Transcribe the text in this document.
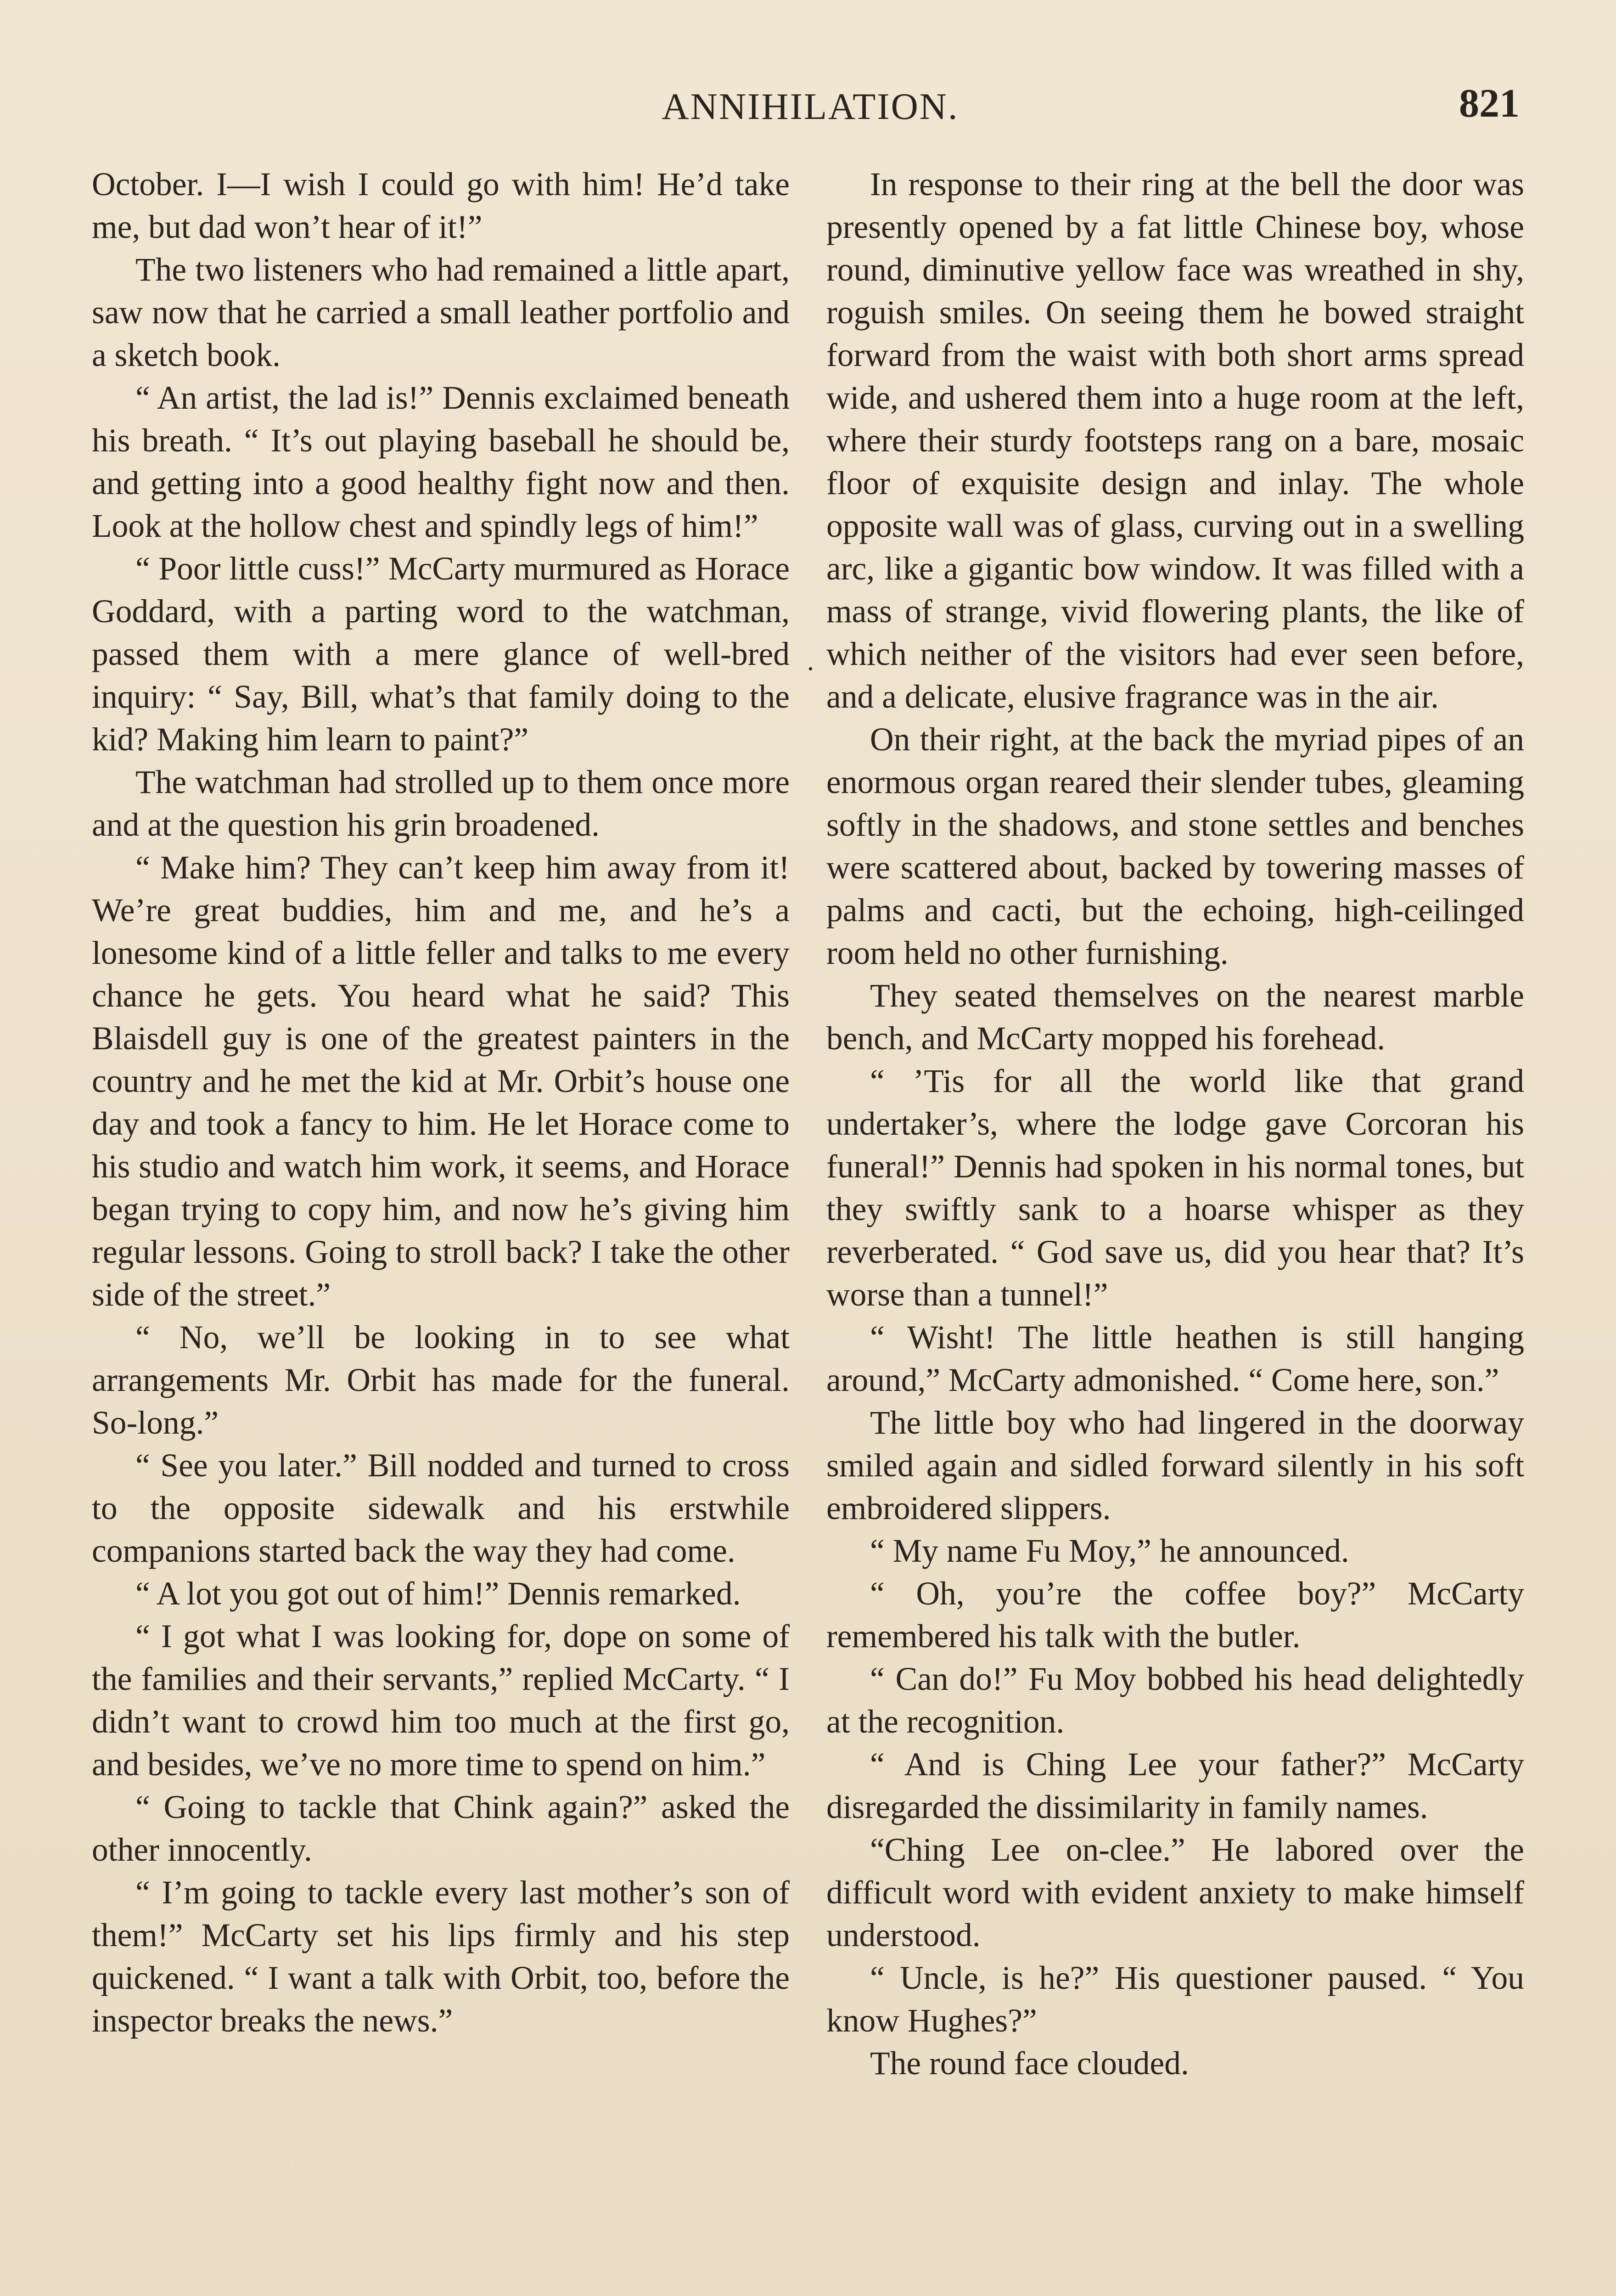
ANNIHILATION.	821

October. I—I wish I could go with him! He’d take me, but dad won’t hear of it!”

The two listeners who had remained a little apart, saw now that he carried a small leather portfolio and a sketch book.

“ An artist, the lad is!” Dennis exclaimed beneath his breath. “ It’s out playing baseball he should be, and getting into a good healthy fight now and then. Look at the hollow chest and spindly legs of him!”

“ Poor little cuss!” McCarty murmured as Horace Goddard, with a parting word to the watchman, passed them with a mere glance of well-bred inquiry: “ Say, Bill, what’s that family doing to the kid? Making him learn to paint?”

The watchman had strolled up to them once more and at the question his grin broadened.

“ Make him? They can’t keep him away from it! We’re great buddies, him and me, and he’s a lonesome kind of a little feller and talks to me every chance he gets. You heard what he said? This Blaisdell guy is one of the greatest painters in the country and he met the kid at Mr. Orbit’s house one day and took a fancy to him. He let Horace come to his studio and watch him work, it seems, and Horace began trying to copy him, and now he’s giving him regular lessons. Going to stroll back? I take the other side of the street.”

“ No, we’ll be looking in to see what arrangements Mr. Orbit has made for the funeral. So-long.”

“ See you later.” Bill nodded and turned to cross to the opposite sidewalk and his erstwhile companions started back the way they had come.

“ A lot you got out of him!” Dennis remarked.

“ I got what I was looking for, dope on some of the families and their servants,” replied McCarty. “ I didn’t want to crowd him too much at the first go, and besides, we’ve no more time to spend on him.”

“ Going to tackle that Chink again?” asked the other innocently.

“ I’m going to tackle every last mother’s son of them!” McCarty set his lips firmly and his step quickened. “ I want a talk with Orbit, too, before the inspector breaks the news.”

In response to their ring at the bell the door was presently opened by a fat little Chinese boy, whose round, diminutive yellow face was wreathed in shy, roguish smiles. On seeing them he bowed straight forward from the waist with both short arms spread wide, and ushered them into a huge room at the left, where their sturdy footsteps rang on a bare, mosaic floor of exquisite design and inlay. The whole opposite wall was of glass, curving out in a swelling arc, like a gigantic bow window. It was filled with a mass of strange, vivid flowering plants, the like of which neither of the visitors had ever seen before, and a delicate, elusive fragrance was in the air.

On their right, at the back the myriad pipes of an enormous organ reared their slender tubes, gleaming softly in the shadows, and stone settles and benches were scattered about, backed by towering masses of palms and cacti, but the echoing, high-ceilinged room held no other furnishing.

They seated themselves on the nearest marble bench, and McCarty mopped his forehead.

“ ’Tis for all the world like that grand undertaker’s, where the lodge gave Corcoran his funeral!” Dennis had spoken in his normal tones, but they swiftly sank to a hoarse whisper as they reverberated. “ God save us, did you hear that? It’s worse than a tunnel!”

“ Wisht! The little heathen is still hanging around,” McCarty admonished. “ Come here, son.”

The little boy who had lingered in the doorway smiled again and sidled forward silently in his soft embroidered slippers.

“ My name Fu Moy,” he announced.

“ Oh, you’re the coffee boy?” McCarty remembered his talk with the butler.

“ Can do!” Fu Moy bobbed his head delightedly at the recognition.

“ And is Ching Lee your father?” McCarty disregarded the dissimilarity in family names.

“Ching Lee on-clee.” He labored over the difficult word with evident anxiety to make himself understood.

“ Uncle, is he?” His questioner paused. “ You know Hughes?”

The round face clouded.

.
